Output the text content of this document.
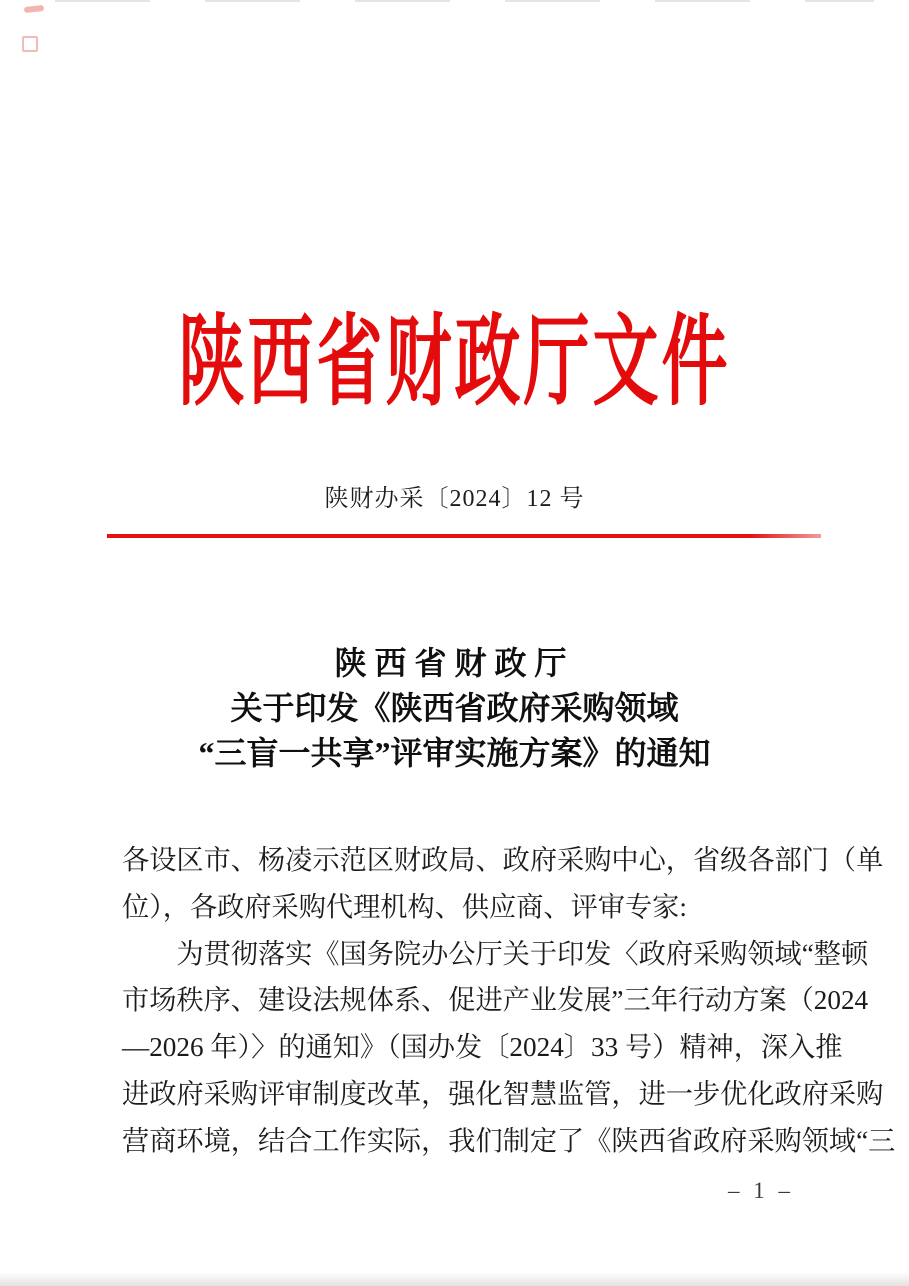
陕西省财政厅文件
陕财办采〔2024〕12 号
陕西省财政厅
关于印发《陕西省政府采购领域
“三盲一共享”评审实施方案》的通知
各设区市、杨凌示范区财政局、政府采购中心，省级各部门（单
位），各政府采购代理机构、供应商、评审专家:
为贯彻落实《国务院办公厅关于印发〈政府采购领域“整顿
市场秩序、建设法规体系、促进产业发展”三年行动方案（2024
—2026 年）〉的通知》（国办发〔2024〕33 号）精神，深入推
进政府采购评审制度改革，强化智慧监管，进一步优化政府采购
营商环境，结合工作实际，我们制定了《陕西省政府采购领域“三
– 1 –
